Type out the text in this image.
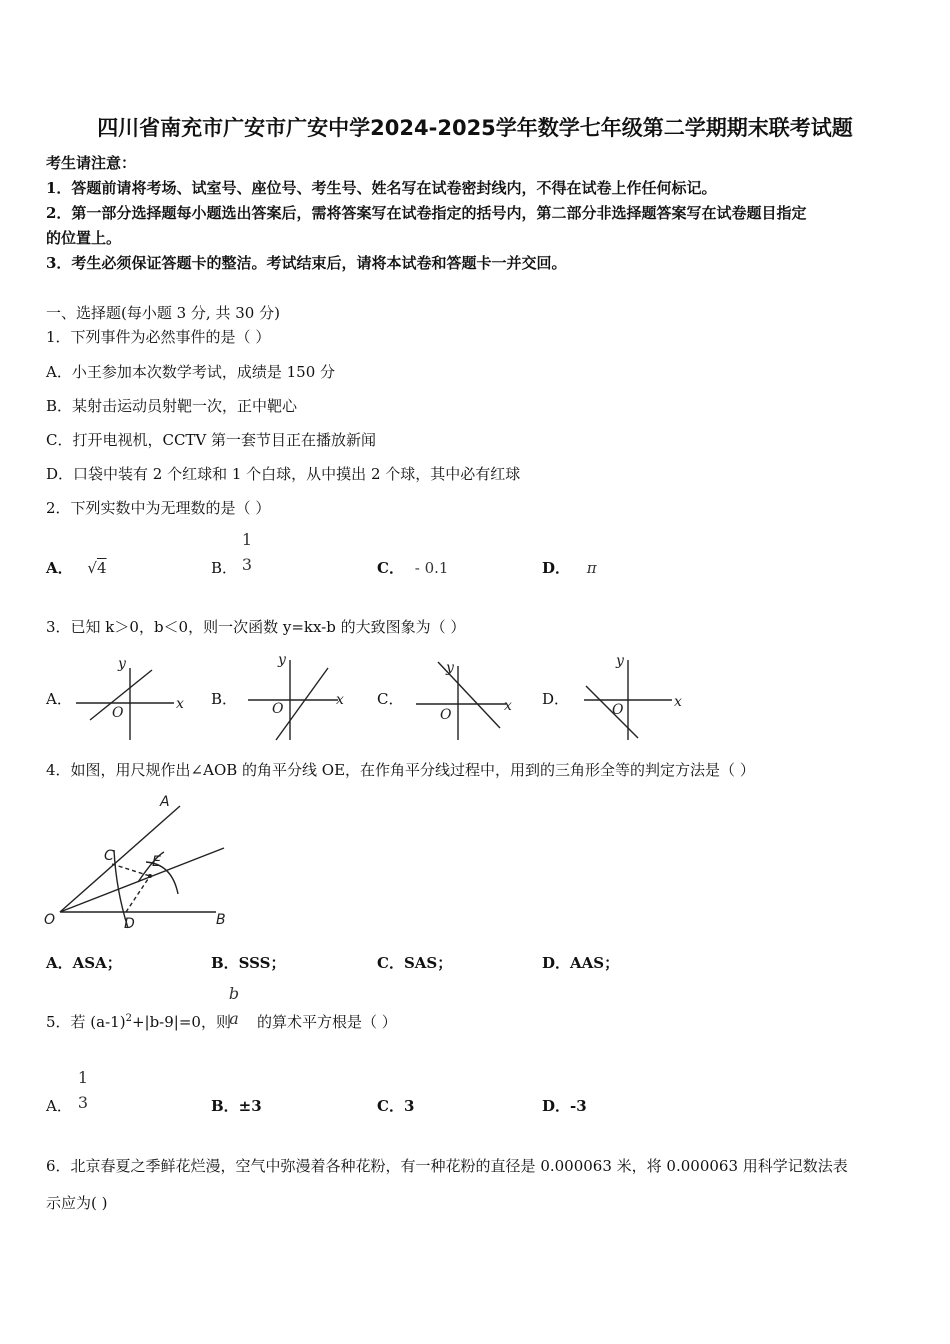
四川省南充市广安市广安中学2024-2025学年数学七年级第二学期期末联考试题
考生请注意：
1．答题前请将考场、试室号、座位号、考生号、姓名写在试卷密封线内，不得在试卷上作任何标记。
2．第一部分选择题每小题选出答案后，需将答案写在试卷指定的括号内，第二部分非选择题答案写在试卷题目指定
的位置上。
3．考生必须保证答题卡的整洁。考试结束后，请将本试卷和答题卡一并交回。
一、选择题(每小题 3 分, 共 30 分)
1．下列事件为必然事件的是（ ）
A．小王参加本次数学考试，成绩是 150 分
B．某射击运动员射靶一次，正中靶心
C．打开电视机，CCTV 第一套节目正在播放新闻
D．口袋中装有 2 个红球和 1 个白球，从中摸出 2 个球，其中必有红球
2．下列实数中为无理数的是（ ）
A． √4	B．
1
3	C． - 0.1	D． π
3．已知 k＞0，b＜0，则一次函数 y=kx-b 的大致图象为（ ）
A．	x
y
O
B．	x
y
O
C．	x
y
O
D．	x
y
O
4．如图，用尺规作出∠AOB 的角平分线 OE，在作角平分线过程中，用到的三角形全等的判定方法是（ ）
A
B
C
D
E
O
A．ASA；	B．SSS；	C．SAS；	D．AAS；
5．若 $(a-1)^2+|b-9|=0$，则 的算术平方根是（ ）
b
a
A．
1
3	B．±3	C．3	D．-3
6．北京春夏之季鲜花烂漫，空气中弥漫着各种花粉，有一种花粉的直径是 0.000063 米，将 0.000063 用科学记数法表
示应为( )
